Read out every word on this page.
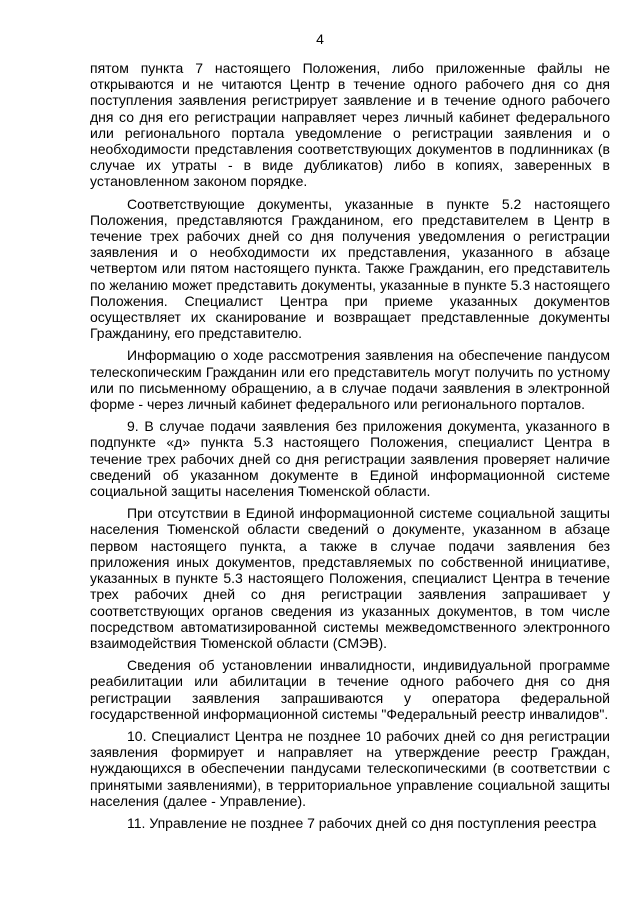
4

пятом пункта 7 настоящего Положения, либо приложенные файлы не открываются и не читаются Центр в течение одного рабочего дня со дня поступления заявления регистрирует заявление и в течение одного рабочего дня со дня его регистрации направляет через личный кабинет федерального или регионального портала уведомление о регистрации заявления и о необходимости представления соответствующих документов в подлинниках (в случае их утраты - в виде дубликатов) либо в копиях, заверенных в установленном законом порядке.

Соответствующие документы, указанные в пункте 5.2 настоящего Положения, представляются Гражданином, его представителем в Центр в течение трех рабочих дней со дня получения уведомления о регистрации заявления и о необходимости их представления, указанного в абзаце четвертом или пятом настоящего пункта. Также Гражданин, его представитель по желанию может представить документы, указанные в пункте 5.3 настоящего Положения. Специалист Центра при приеме указанных документов осуществляет их сканирование и возвращает представленные документы Гражданину, его представителю.

Информацию о ходе рассмотрения заявления на обеспечение пандусом телескопическим Гражданин или его представитель могут получить по устному или по письменному обращению, а в случае подачи заявления в электронной форме - через личный кабинет федерального или регионального порталов.

9. В случае подачи заявления без приложения документа, указанного в подпункте «д» пункта 5.3 настоящего Положения, специалист Центра в течение трех рабочих дней со дня регистрации заявления проверяет наличие сведений об указанном документе в Единой информационной системе социальной защиты населения Тюменской области.

При отсутствии в Единой информационной системе социальной защиты населения Тюменской области сведений о документе, указанном в абзаце первом настоящего пункта, а также в случае подачи заявления без приложения иных документов, представляемых по собственной инициативе, указанных в пункте 5.3 настоящего Положения, специалист Центра в течение трех рабочих дней со дня регистрации заявления запрашивает у соответствующих органов сведения из указанных документов, в том числе посредством автоматизированной системы межведомственного электронного взаимодействия Тюменской области (СМЭВ).

Сведения об установлении инвалидности, индивидуальной программе реабилитации или абилитации в течение одного рабочего дня со дня регистрации заявления запрашиваются у оператора федеральной государственной информационной системы "Федеральный реестр инвалидов".

10. Специалист Центра не позднее 10 рабочих дней со дня регистрации заявления формирует и направляет на утверждение реестр Граждан, нуждающихся в обеспечении пандусами телескопическими (в соответствии с принятыми заявлениями), в территориальное управление социальной защиты населения (далее - Управление).

11. Управление не позднее 7 рабочих дней со дня поступления реестра
